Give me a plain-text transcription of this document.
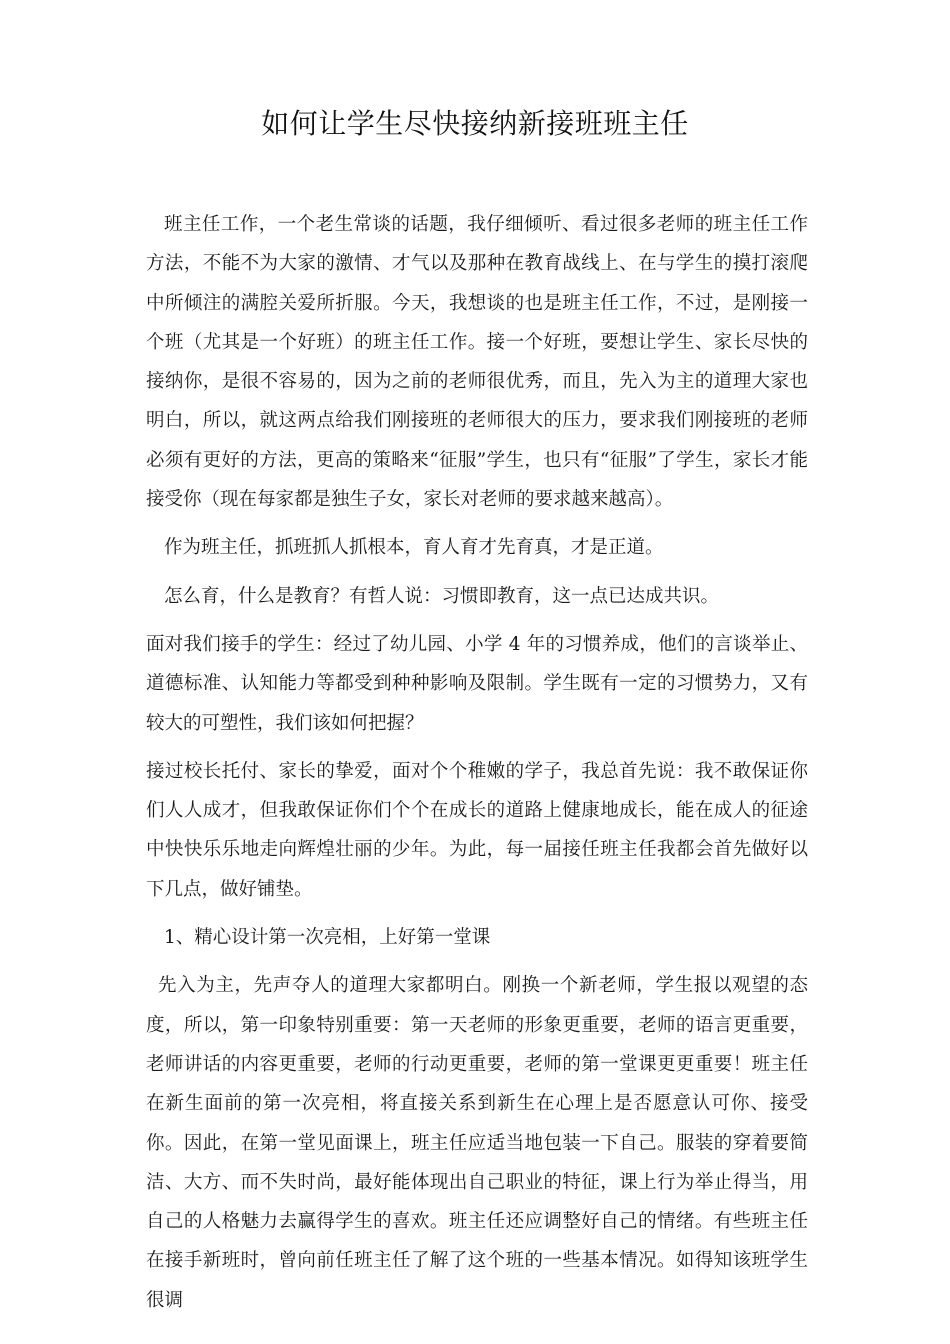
如何让学生尽快接纳新接班班主任

班主任工作，一个老生常谈的话题，我仔细倾听、看过很多老师的班主任工作方法，不能不为大家的激情、才气以及那种在教育战线上、在与学生的摸打滚爬中所倾注的满腔关爱所折服。今天，我想谈的也是班主任工作，不过，是刚接一个班（尤其是一个好班）的班主任工作。接一个好班，要想让学生、家长尽快的接纳你，是很不容易的，因为之前的老师很优秀，而且，先入为主的道理大家也明白，所以，就这两点给我们刚接班的老师很大的压力，要求我们刚接班的老师必须有更好的方法，更高的策略来“征服”学生，也只有“征服”了学生，家长才能接受你（现在每家都是独生子女，家长对老师的要求越来越高）。

作为班主任，抓班抓人抓根本，育人育才先育真，才是正道。

怎么育，什么是教育？有哲人说：习惯即教育，这一点已达成共识。

面对我们接手的学生：经过了幼儿园、小学 4 年的习惯养成，他们的言谈举止、道德标准、认知能力等都受到种种影响及限制。学生既有一定的习惯势力，又有较大的可塑性，我们该如何把握？

接过校长托付、家长的挚爱，面对个个稚嫩的学子，我总首先说：我不敢保证你们人人成才，但我敢保证你们个个在成长的道路上健康地成长，能在成人的征途中快快乐乐地走向辉煌壮丽的少年。为此，每一届接任班主任我都会首先做好以下几点，做好铺垫。

1、精心设计第一次亮相，上好第一堂课

先入为主，先声夺人的道理大家都明白。刚换一个新老师，学生报以观望的态度，所以，第一印象特别重要：第一天老师的形象更重要，老师的语言更重要，老师讲话的内容更重要，老师的行动更重要，老师的第一堂课更更重要！班主任在新生面前的第一次亮相，将直接关系到新生在心理上是否愿意认可你、接受你。因此，在第一堂见面课上，班主任应适当地包装一下自己。服装的穿着要简洁、大方、而不失时尚，最好能体现出自己职业的特征，课上行为举止得当，用自己的人格魅力去赢得学生的喜欢。班主任还应调整好自己的情绪。有些班主任在接手新班时，曾向前任班主任了解了这个班的一些基本情况。如得知该班学生很调
